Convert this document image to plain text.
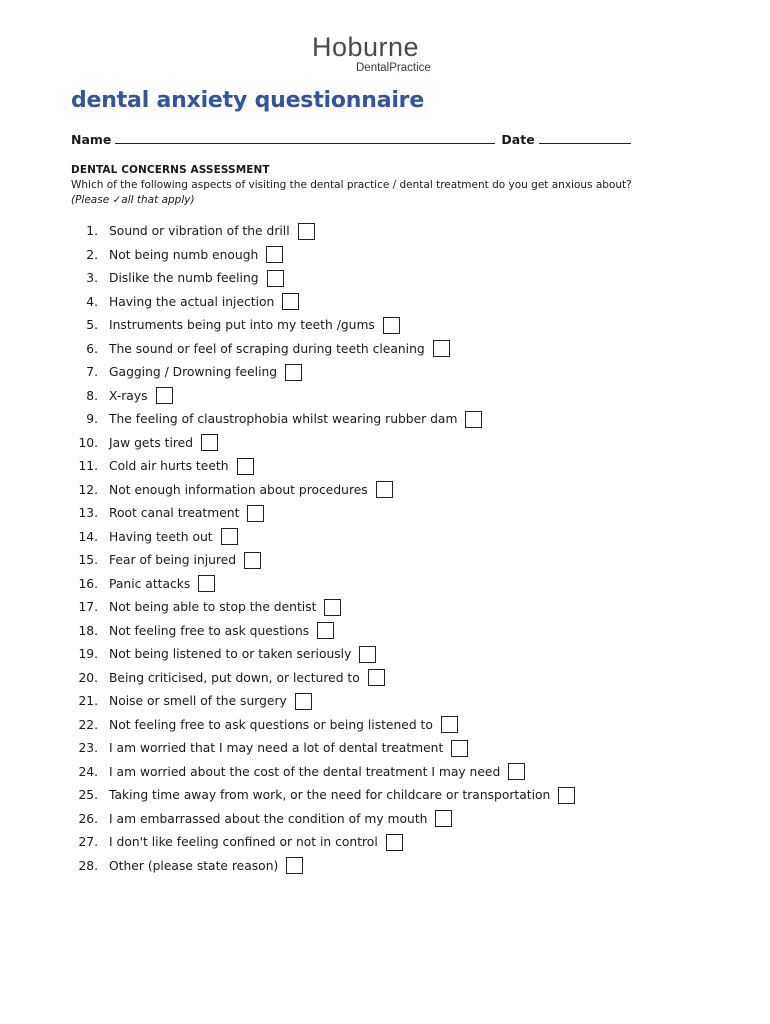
Hoburne
DentalPractice
dental anxiety questionnaire
Name	Date
DENTAL CONCERNS ASSESSMENT
Which of the following aspects of visiting the dental practice / dental treatment do you get anxious about?
(Please ✓all that apply)
1. Sound or vibration of the drill
2. Not being numb enough
3. Dislike the numb feeling
4. Having the actual injection
5. Instruments being put into my teeth /gums
6. The sound or feel of scraping during teeth cleaning
7. Gagging / Drowning feeling
8. X-rays
9. The feeling of claustrophobia whilst wearing rubber dam
10. Jaw gets tired
11. Cold air hurts teeth
12. Not enough information about procedures
13. Root canal treatment
14. Having teeth out
15. Fear of being injured
16. Panic attacks
17. Not being able to stop the dentist
18. Not feeling free to ask questions
19. Not being listened to or taken seriously
20. Being criticised, put down, or lectured to
21. Noise or smell of the surgery
22. Not feeling free to ask questions or being listened to
23. I am worried that I may need a lot of dental treatment
24. I am worried about the cost of the dental treatment I may need
25. Taking time away from work, or the need for childcare or transportation
26. I am embarrassed about the condition of my mouth
27. I don't like feeling confined or not in control
28. Other (please state reason)
